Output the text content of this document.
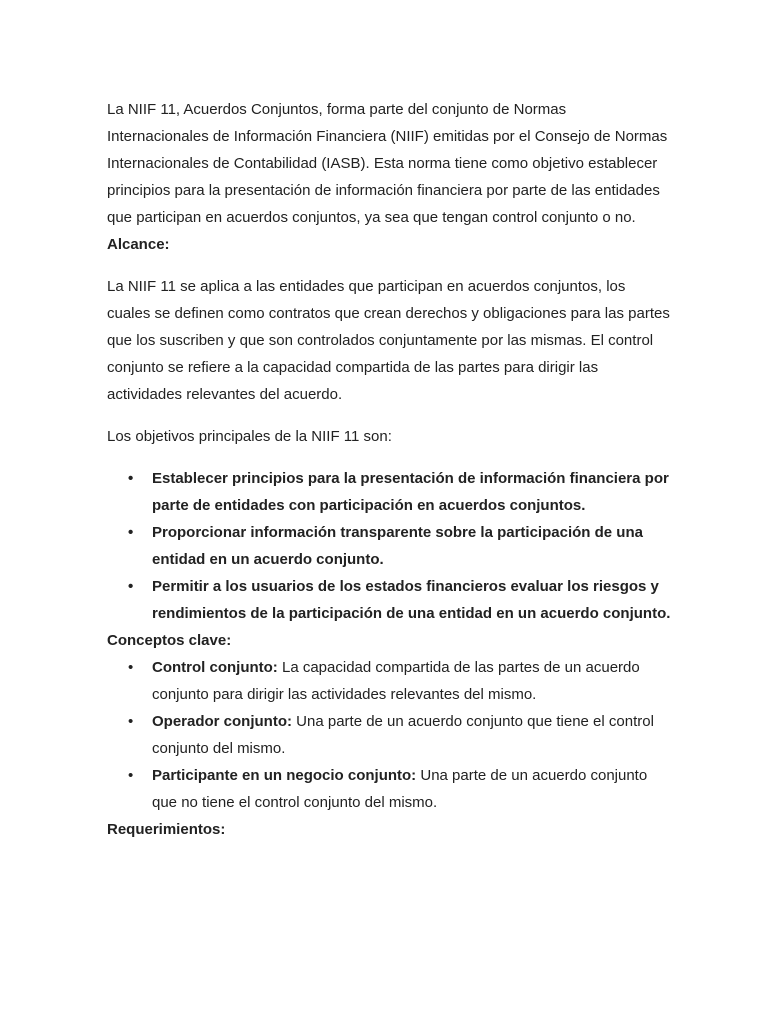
La NIIF 11, Acuerdos Conjuntos, forma parte del conjunto de Normas Internacionales de Información Financiera (NIIF) emitidas por el Consejo de Normas Internacionales de Contabilidad (IASB). Esta norma tiene como objetivo establecer principios para la presentación de información financiera por parte de las entidades que participan en acuerdos conjuntos, ya sea que tengan control conjunto o no.

Alcance:

La NIIF 11 se aplica a las entidades que participan en acuerdos conjuntos, los cuales se definen como contratos que crean derechos y obligaciones para las partes que los suscriben y que son controlados conjuntamente por las mismas. El control conjunto se refiere a la capacidad compartida de las partes para dirigir las actividades relevantes del acuerdo.

Los objetivos principales de la NIIF 11 son:

• Establecer principios para la presentación de información financiera por parte de entidades con participación en acuerdos conjuntos.
• Proporcionar información transparente sobre la participación de una entidad en un acuerdo conjunto.
• Permitir a los usuarios de los estados financieros evaluar los riesgos y rendimientos de la participación de una entidad en un acuerdo conjunto.

Conceptos clave:

• Control conjunto: La capacidad compartida de las partes de un acuerdo conjunto para dirigir las actividades relevantes del mismo.
• Operador conjunto: Una parte de un acuerdo conjunto que tiene el control conjunto del mismo.
• Participante en un negocio conjunto: Una parte de un acuerdo conjunto que no tiene el control conjunto del mismo.

Requerimientos:
